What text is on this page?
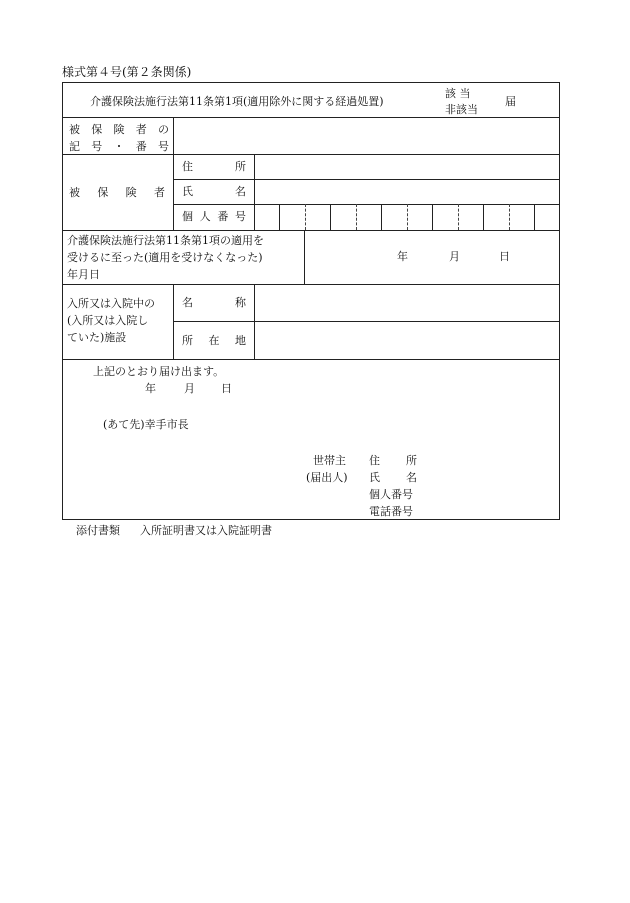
様式第４号(第２条関係)
介護保険法施行法第11条第1項(適用除外に関する経過処置)
該 当
非該当
届
被 保 険 者 の
記 号 ・ 番 号
被 保 険 者
住	所
氏	名
個 人 番 号
介護保険法施行法第11条第1項の適用を
受けるに至った(適用を受けなくなった)
年月日
年	月	日
入所又は入院中の
(入所又は入院し
ていた)施設
名	称
所 在 地
上記のとおり届け出ます。
年	月 日
(あて先)幸手市長
世帯主
(届出人)
住 所
氏 名
個人番号
電話番号
添付書類 入所証明書又は入院証明書
